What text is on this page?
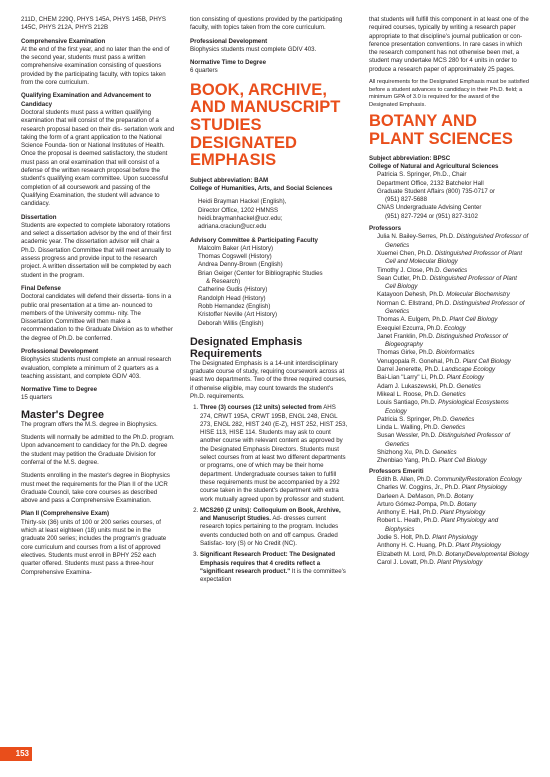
211D, CHEM 229Q, PHYS 145A, PHYS 145B, PHYS 145C, PHYS 212A, PHYS 212B

Comprehensive Examination

At the end of the first year, and no later than the end of the second year, students must pass a written comprehensive examination consisting of questions provided by the participating faculty, with topics taken from the core curriculum.

Qualifying Examination and Advancement to Candidacy

Doctoral students must pass a written qualifying examination that will consist of the preparation of a research proposal based on their dis- sertation work and taking the form of a grant application to the National Science Founda- tion or National Institutes of Health. Once the proposal is deemed satisfactory, the student must pass an oral examination that will consist of a defense of the written research proposal before the student's qualifying exam committee. Upon successful completion of all coursework and passing of the Qualifying Examination, the student will advance to candidacy.

Dissertation

Students are expected to complete laboratory rotations and select a dissertation advisor by the end of their first academic year. The dissertation advisor will chair a Ph.D. Dissertation Committee that will meet annually to assess progress and provide input to the research project. A written dissertation will be completed by each student in the program.

Final Defense

Doctoral candidates will defend their disserta- tions in a public oral presentation at a time an- nounced to members of the University commu- nity. The Dissertation Committee will then make a recommendation to the Graduate Division as to whether the degree of Ph.D. be conferred.

Professional Development

Biophysics students must complete an annual research evaluation, complete a minimum of 2 quarters as a teaching assistant, and complete GDIV 403.

Normative Time to Degree

15 quarters

Master's Degree

The program offers the M.S. degree in Biophysics.

Students will normally be admitted to the Ph.D. program. Upon advancement to candidacy for the Ph.D. degree the student may petition the Graduate Division for conferral of the M.S. degree.

Students enrolling in the master's degree in Biophysics must meet the requirements for the Plan II of the UCR Graduate Council, take core courses as described above and pass a Comprehensive Examination.

Plan II (Comprehensive Exam)

Thirty-six (36) units of 100 or 200 series courses, of which at least eighteen (18) units must be in the graduate 200 series; includes the program's graduate core curriculum and courses from a list of approved electives. Students must enroll in BPHY 252 each quarter offered. Students must pass a three-hour Comprehensive Examina-

tion consisting of questions provided by the participating faculty, with topics taken from the core curriculum.

Professional Development

Biophysics students must complete GDIV 403.

Normative Time to Degree

6 quarters

BOOK, ARCHIVE, AND MANUSCRIPT STUDIES DESIGNATED EMPHASIS

Subject abbreviation: BAM

College of Humanities, Arts, and Social Sciences

Heidi Brayman Hackel (English),

Director Office, 1202 HMNSS

heidi.braymanhackel@ucr.edu;

adriana.craciun@ucr.edu

Advisory Committee & Participating Faculty

Malcolm Baker (Art History)

Thomas Cogswell (History)

Andrea Denny-Brown (English)

Brian Geiger (Center for Bibliographic Studies

& Research)

Catherine Gudis (History)

Randolph Head (History)

Robb Hernandez (English)

Kristoffer Neville (Art History)

Deborah Willis (English)

Designated Emphasis Requirements

The Designated Emphasis is a 14-unit interdisciplinary graduate course of study, requiring coursework across at least two departments. Two of the three required courses, if otherwise eligible, may count towards the student's Ph.D. requirements.

1. Three (3) courses (12 units) selected from AHS 274, CRWT 195A, CRWT 195B, ENGL 248, ENGL 273, ENGL 282, HIST 240 (E-Z), HIST 252, HIST 253, HISE 113, HISE 114. Students may ask to count another course with relevant content as approved by the Designated Emphasis Directors. Students must select courses from at least two different departments or programs, one of which may be their home department. Undergraduate courses taken to fulfill these requirements must be accompanied by a 292 course taken in the student's department with extra work mutually agreed upon by professor and student.
2. MCS260 (2 units): Colloquium on Book, Archive, and Manuscript Studies. Ad- dresses current research topics pertaining to the program. Includes events conducted both on and off campus. Graded Satisfac- tory (S) or No Credit (NC).
3. Significant Research Product: The Designated Emphasis requires that 4 credits reflect a "significant research product." It is the committee's expectation

that students will fulfill this component in at least one of the required courses, typically by writing a research paper appropriate to that discipline's journal publication or con- ference presentation conventions. In rare cases in which the research component has not otherwise been met, a student may undertake MCS 280 for 4 units in order to produce a research paper of approximately 25 pages.

All requirements for the Designated Emphasis must be satisfied before a student advances to candidacy in their Ph.D. field; a minimum GPA of 3.0 is required for the award of the Designated Emphasis.

BOTANY AND PLANT SCIENCES

Subject abbreviation: BPSC

College of Natural and Agricultural Sciences

Patricia S. Springer, Ph.D., Chair

Department Office, 2132 Batchelor Hall

Graduate Student Affairs (800) 735-0717 or

(951) 827-5688

CNAS Undergraduate Advising Center

(951) 827-7294 or (951) 827-3102

Professors

Julia N. Bailey-Serres, Ph.D. Distinguished Professor of Genetics

Xuemei Chen, Ph.D. Distinguished Professor of Plant Cell and Molecular Biology

Timothy J. Close, Ph.D. Genetics

Sean Cutler, Ph.D. Distinguished Professor of Plant Cell Biology

Katayoon Dehesh, Ph.D. Molecular Biochemistry

Norman C. Ellstrand, Ph.D. Distinguished Professor of Genetics

Thomas A. Eulgem, Ph.D. Plant Cell Biology

Exequiel Ezcurra, Ph.D. Ecology

Janet Franklin, Ph.D. Distinguished Professor of Biogeography

Thomas Girke, Ph.D. Bioinformatics

Venugopala R. Gonehal, Ph.D. Plant Cell Biology

Darrel Jenerette, Ph.D. Landscape Ecology

Bai-Lian "Larry" Li, Ph.D. Plant Ecology

Adam J. Lukaszewski, Ph.D. Genetics

Mikeal L. Roose, Ph.D. Genetics

Louis Santiago, Ph.D. Physiological Ecosystems Ecology

Patricia S. Springer, Ph.D. Genetics

Linda L. Walling, Ph.D. Genetics

Susan Wessler, Ph.D. Distinguished Professor of Genetics

Shizhong Xu, Ph.D. Genetics

Zhenbiao Yang, Ph.D. Plant Cell Biology

Professors Emeriti

Edith B. Allen, Ph.D. Community/Restoration Ecology

Charles W. Coggins, Jr., Ph.D. Plant Physiology

Darleen A. DeMason, Ph.D. Botany

Arturo Gómez-Pompa, Ph.D. Botany

Anthony E. Hall, Ph.D. Plant Physiology

Robert L. Heath, Ph.D. Plant Physiology and Biophysics

Jodie S. Holt, Ph.D. Plant Physiology

Anthony H. C. Huang, Ph.D. Plant Physiology

Elizabeth M. Lord, Ph.D. Botany/Developmental Biology

Carol J. Lovatt, Ph.D. Plant Physiology

153
